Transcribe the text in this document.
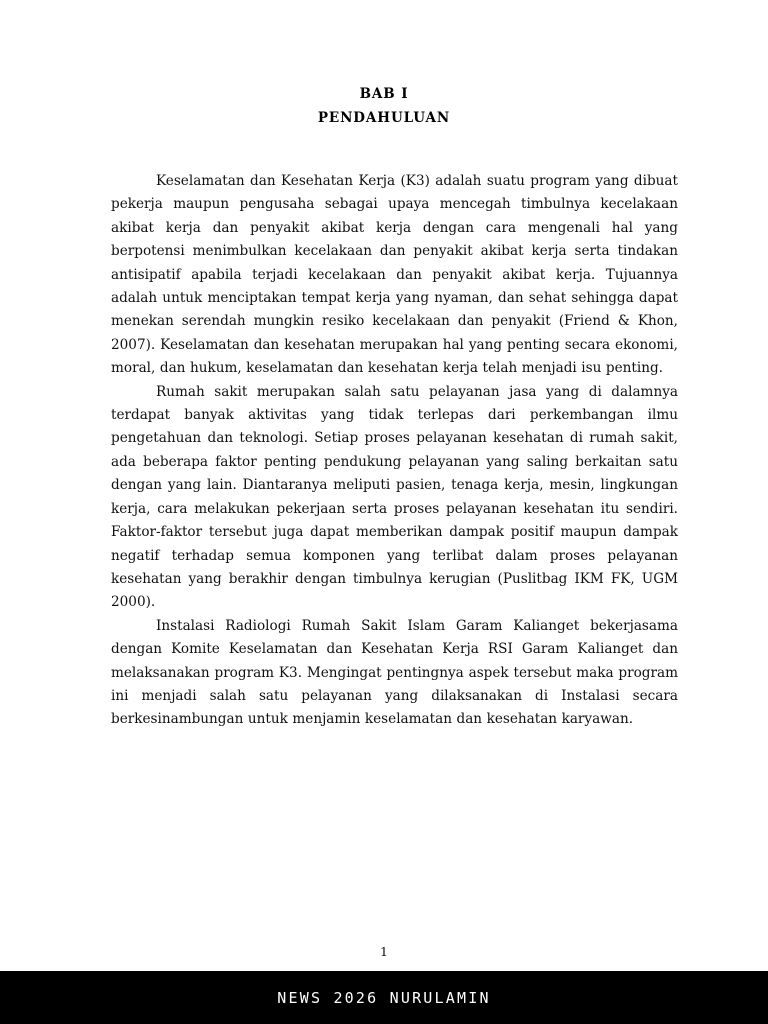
BAB I
PENDAHULUAN

Keselamatan dan Kesehatan Kerja (K3) adalah suatu program yang dibuat pekerja maupun pengusaha sebagai upaya mencegah timbulnya kecelakaan akibat kerja dan penyakit akibat kerja dengan cara mengenali hal yang berpotensi menimbulkan kecelakaan dan penyakit akibat kerja serta tindakan antisipatif apabila terjadi kecelakaan dan penyakit akibat kerja. Tujuannya adalah untuk menciptakan tempat kerja yang nyaman, dan sehat sehingga dapat menekan serendah mungkin resiko kecelakaan dan penyakit (Friend & Khon, 2007). Keselamatan dan kesehatan merupakan hal yang penting secara ekonomi, moral, dan hukum, keselamatan dan kesehatan kerja telah menjadi isu penting.

Rumah sakit merupakan salah satu pelayanan jasa yang di dalamnya terdapat banyak aktivitas yang tidak terlepas dari perkembangan ilmu pengetahuan dan teknologi. Setiap proses pelayanan kesehatan di rumah sakit, ada beberapa faktor penting pendukung pelayanan yang saling berkaitan satu dengan yang lain. Diantaranya meliputi pasien, tenaga kerja, mesin, lingkungan kerja, cara melakukan pekerjaan serta proses pelayanan kesehatan itu sendiri. Faktor-faktor tersebut juga dapat memberikan dampak positif maupun dampak negatif terhadap semua komponen yang terlibat dalam proses pelayanan kesehatan yang berakhir dengan timbulnya kerugian (Puslitbag IKM FK, UGM 2000).

Instalasi Radiologi Rumah Sakit Islam Garam Kalianget bekerjasama dengan Komite Keselamatan dan Kesehatan Kerja RSI Garam Kalianget dan melaksanakan program K3. Mengingat pentingnya aspek tersebut maka program ini menjadi salah satu pelayanan yang dilaksanakan di Instalasi secara berkesinambungan untuk menjamin keselamatan dan kesehatan karyawan.

1
NEWS 2026 NURULAMIN
